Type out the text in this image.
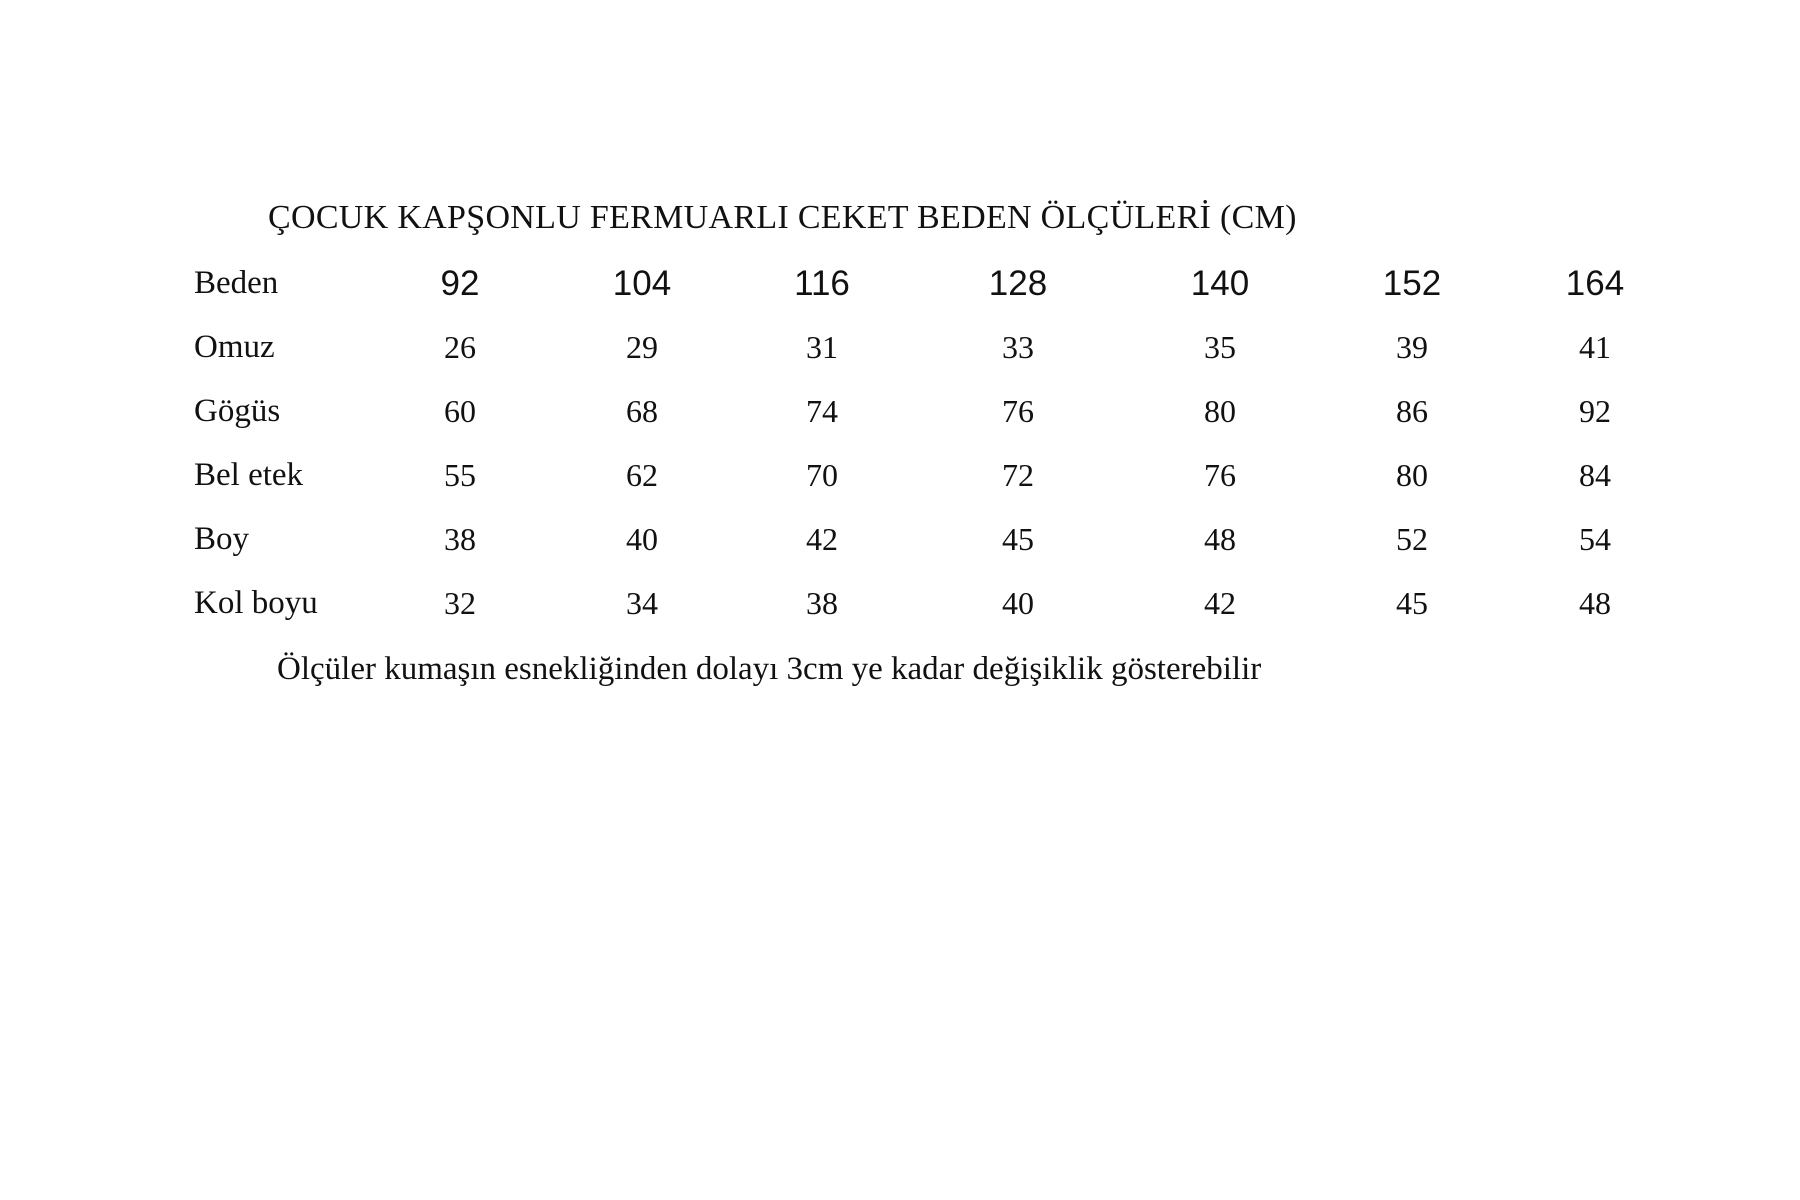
ÇOCUK KAPŞONLU FERMUARLI CEKET BEDEN ÖLÇÜLERİ (CM)
Beden	92	104	116	128	140	152	164
Omuz	26	29	31	33	35	39	41
Gögüs	60	68	74	76	80	86	92
Bel etek	55	62	70	72	76	80	84
Boy	38	40	42	45	48	52	54
Kol boyu	32	34	38	40	42	45	48
Ölçüler kumaşın esnekliğinden dolayı 3cm ye kadar değişiklik gösterebilir
